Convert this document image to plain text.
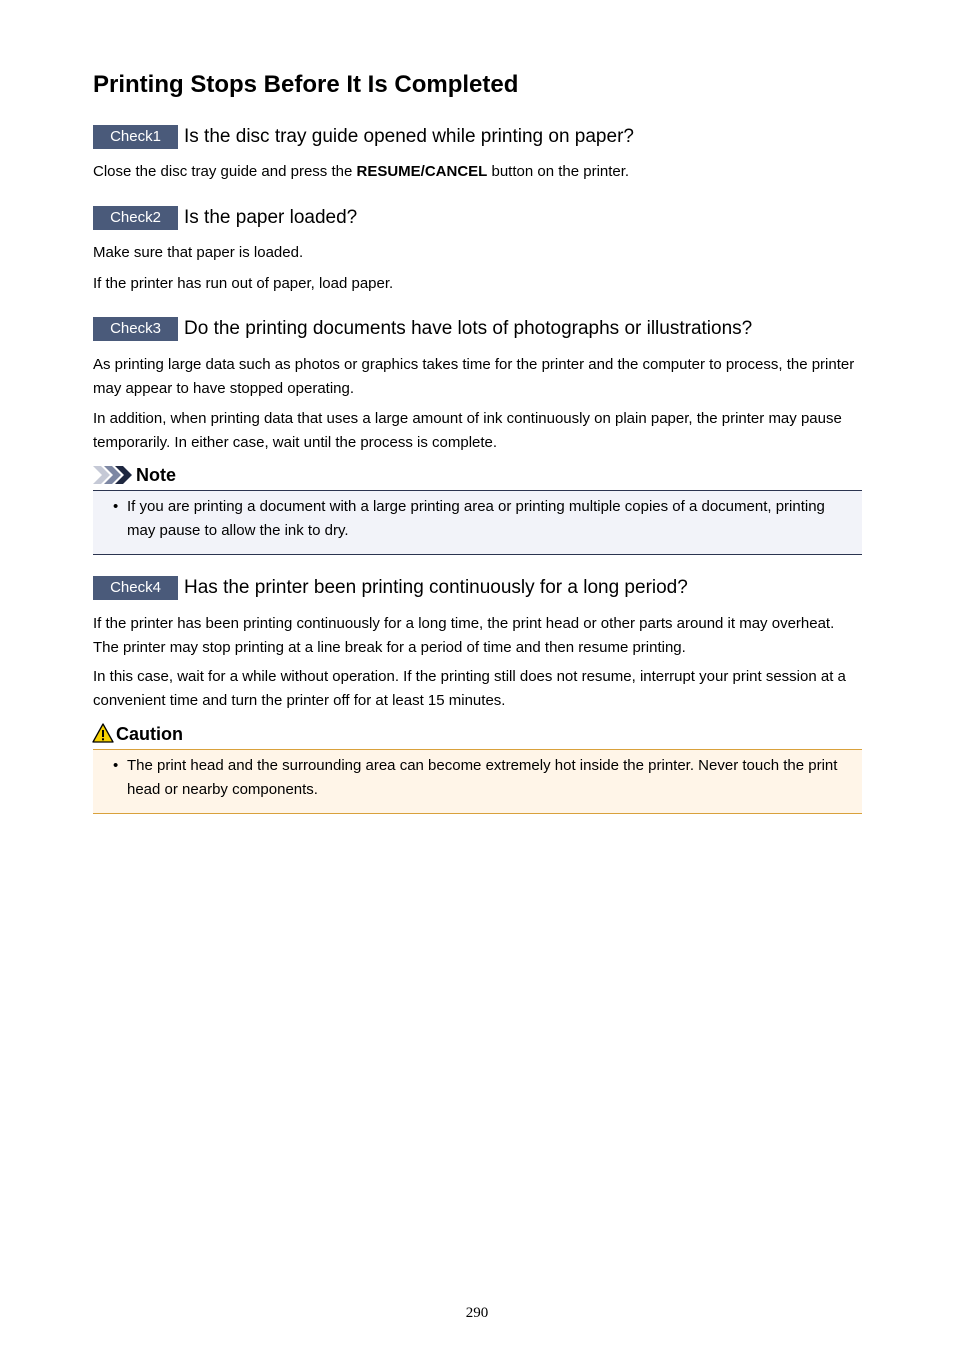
Printing Stops Before It Is Completed
Check1	Is the disc tray guide opened while printing on paper?

Close the disc tray guide and press the RESUME/CANCEL button on the printer.

Check2	Is the paper loaded?

Make sure that paper is loaded.

If the printer has run out of paper, load paper.

Check3	Do the printing documents have lots of photographs or illustrations?

As printing large data such as photos or graphics takes time for the printer and the computer to process, the printer may appear to have stopped operating.

In addition, when printing data that uses a large amount of ink continuously on plain paper, the printer may pause temporarily. In either case, wait until the process is complete.

Note
• If you are printing a document with a large printing area or printing multiple copies of a document, printing may pause to allow the ink to dry.

Check4	Has the printer been printing continuously for a long period?

If the printer has been printing continuously for a long time, the print head or other parts around it may overheat. The printer may stop printing at a line break for a period of time and then resume printing.

In this case, wait for a while without operation. If the printing still does not resume, interrupt your print session at a convenient time and turn the printer off for at least 15 minutes.

Caution
• The print head and the surrounding area can become extremely hot inside the printer. Never touch the print head or nearby components.

290
